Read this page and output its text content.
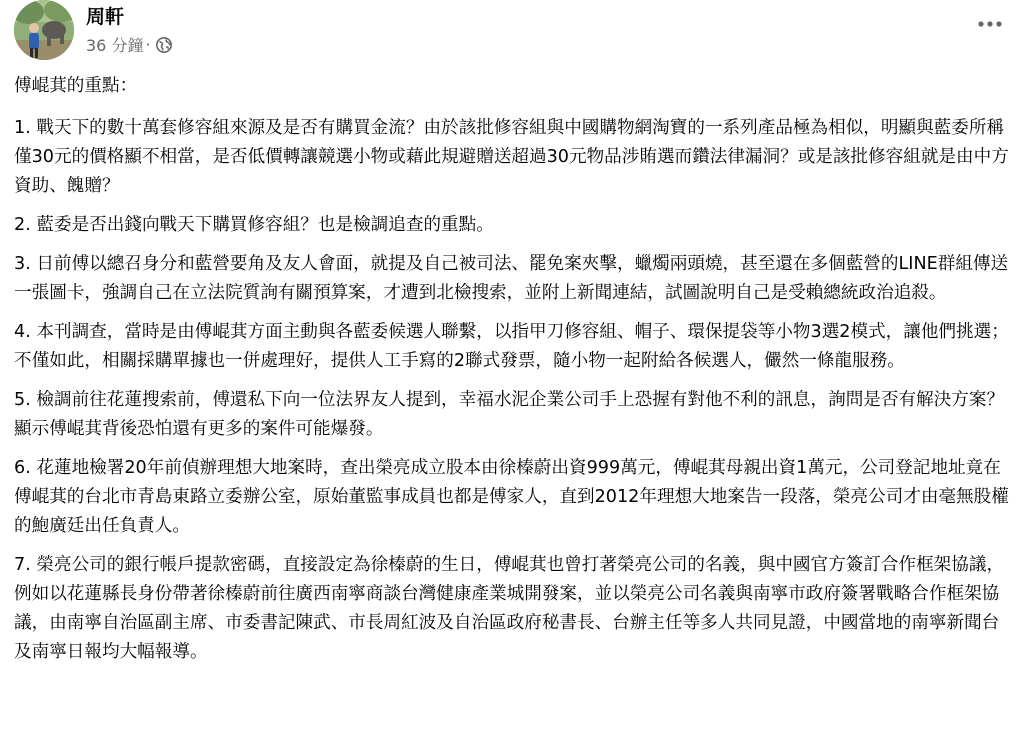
周軒
36 分鐘 ·

傅崐萁的重點：

1. 戰天下的數十萬套修容組來源及是否有購買金流？由於該批修容組與中國購物網淘寶的一系列產品極為相似，明顯與藍委所稱僅30元的價格顯不相當，是否低價轉讓競選小物或藉此規避贈送超過30元物品涉賄選而鑽法律漏洞？或是該批修容組就是由中方資助、餽贈？

2. 藍委是否出錢向戰天下購買修容組？也是檢調追查的重點。

3. 日前傅以總召身分和藍營要角及友人會面，就提及自己被司法、罷免案夾擊，蠟燭兩頭燒，甚至還在多個藍營的LINE群組傳送一張圖卡，強調自己在立法院質詢有關預算案，才遭到北檢搜索，並附上新聞連結，試圖說明自己是受賴總統政治追殺。

4. 本刊調查，當時是由傅崐萁方面主動與各藍委候選人聯繫，以指甲刀修容組、帽子、環保提袋等小物3選2模式，讓他們挑選；不僅如此，相關採購單據也一併處理好，提供人工手寫的2聯式發票，隨小物一起附給各候選人，儼然一條龍服務。

5. 檢調前往花蓮搜索前，傅還私下向一位法界友人提到，幸福水泥企業公司手上恐握有對他不利的訊息，詢問是否有解決方案？顯示傅崐萁背後恐怕還有更多的案件可能爆發。

6. 花蓮地檢署20年前偵辦理想大地案時，查出榮亮成立股本由徐榛蔚出資999萬元，傅崐萁母親出資1萬元，公司登記地址竟在傅崐萁的台北市青島東路立委辦公室，原始董監事成員也都是傅家人，直到2012年理想大地案告一段落，榮亮公司才由毫無股權的鮑廣廷出任負責人。

7. 榮亮公司的銀行帳戶提款密碼，直接設定為徐榛蔚的生日，傅崐萁也曾打著榮亮公司的名義，與中國官方簽訂合作框架協議，例如以花蓮縣長身份帶著徐榛蔚前往廣西南寧商談台灣健康產業城開發案，並以榮亮公司名義與南寧市政府簽署戰略合作框架協議，由南寧自治區副主席、市委書記陳武、市長周紅波及自治區政府秘書長、台辦主任等多人共同見證，中國當地的南寧新聞台及南寧日報均大幅報導。
